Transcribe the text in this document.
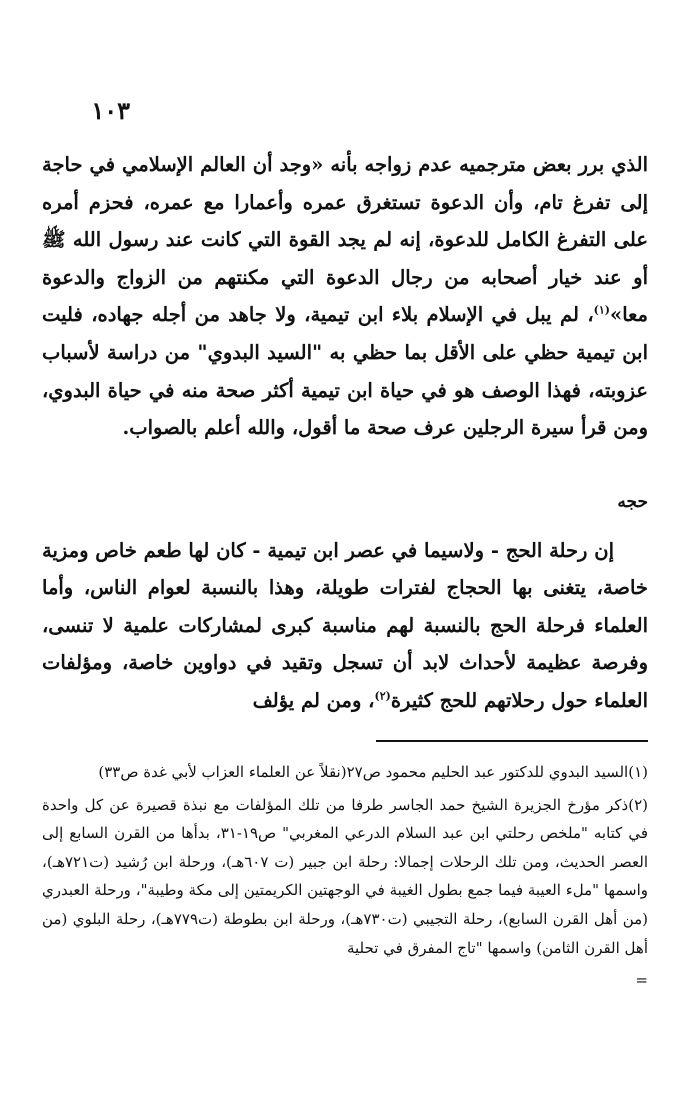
١٠٣

الذي برر بعض مترجميه عدم زواجه بأنه «وجد أن العالم الإسلامي في حاجة إلى تفرغ تام، وأن الدعوة تستغرق عمره وأعمارا مع عمره، فحزم أمره على التفرغ الكامل للدعوة، إنه لم يجد القوة التي كانت عند رسول الله ﷺ أو عند خيار أصحابه من رجال الدعوة التي مكنتهم من الزواج والدعوة معا»$^{(١)}$، لم يبل في الإسلام بلاء ابن تيمية، ولا جاهد من أجله جهاده، فليت ابن تيمية حظي على الأقل بما حظي به "السيد البدوي" من دراسة لأسباب عزوبته، فهذا الوصف هو في حياة ابن تيمية أكثر صحة منه في حياة البدوي، ومن قرأ سيرة الرجلين عرف صحة ما أقول، والله أعلم بالصواب.

حجه

إن رحلة الحج - ولاسيما في عصر ابن تيمية - كان لها طعم خاص ومزية خاصة، يتغنى بها الحجاج لفترات طويلة، وهذا بالنسبة لعوام الناس، وأما العلماء فرحلة الحج بالنسبة لهم مناسبة كبرى لمشاركات علمية لا تنسى، وفرصة عظيمة لأحداث لابد أن تسجل وتقيد في دواوين خاصة، ومؤلفات العلماء حول رحلاتهم للحج كثيرة$^{(٢)}$، ومن لم يؤلف

(١)السيد البدوي للدكتور عبد الحليم محمود ص٢٧(نقلاً عن العلماء العزاب لأبي غدة ص٣٣)

(٢)ذكر مؤرخ الجزيرة الشيخ حمد الجاسر طرفا من تلك المؤلفات مع نبذة قصيرة عن كل واحدة في كتابه "ملخص رحلتي ابن عبد السلام الدرعي المغربي" ص١٩-٣١، بدأها من القرن السابع إلى العصر الحديث، ومن تلك الرحلات إجمالا: رحلة ابن جبير (ت ٦٠٧هـ)، ورحلة ابن رُشيد (ت٧٢١هـ)، واسمها "ملء العيبة فيما جمع بطول الغيبة في الوجهتين الكريمتين إلى مكة وطيبة"، ورحلة العبدري (من أهل القرن السابع)، رحلة التجيبي (ت٧٣٠هـ)، ورحلة ابن بطوطة (ت٧٧٩هـ)، رحلة البلوي (من أهل القرن الثامن) واسمها "تاج المفرق في تحلية

=
